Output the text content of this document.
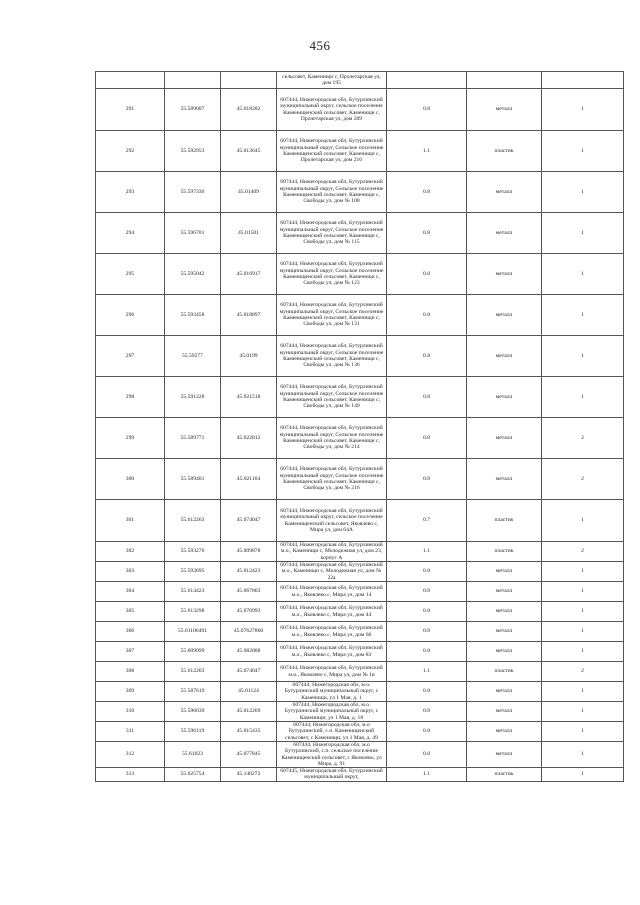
456
			сельсовет, Каменищи с, Пролетарская ул, дом 195			
291	55.589007	45.018282	607444, Нижегородская обл, Бутурлинский муниципальный округ, сельское поселение Каменищенский сельсовет, Каменищи с, Пролетарская ул, дом 209	0.8	металл	1
292	55.592953	45.013645	607444, Нижегородская обл, Бутурлинский муниципальный округ, Сельское поселение Каменищенский сельсовет, Каменищи с, Пролетарская ул, дом 216	1.1	пластик	1
293	55.597336	45.01409	607444, Нижегородская обл, Бутурлинский муниципальный округ, Сельское поселение Каменищенский сельсовет, Каменищи с, Свободы ул, дом № 108	0.8	металл	1
294	55.596701	45.01501	607444, Нижегородская обл, Бутурлинский муниципальный округ, Сельское поселение Каменищенский сельсовет, Каменищи с, Свободы ул, дом № 115	0.8	металл	1
295	55.595042	45.016917	607444, Нижегородская обл, Бутурлинский муниципальный округ, Сельское поселение Каменищенский сельсовет, Каменищи с, Свободы ул, дом № 123	0.8	металл	1
296	55.593458	45.018897	607444, Нижегородская обл, Бутурлинский муниципальный округ, Сельское поселение Каменищенский сельсовет, Каменищи с, Свободы ул, дом № 131	0.8	металл	1
297	55.59277	45.0199	607444, Нижегородская обл, Бутурлинский муниципальный округ, Сельское поселение Каменищенский сельсовет, Каменищи с, Свободы ул, дом № 136	0.8	металл	1
298	55.591228	45.021518	607444, Нижегородская обл, Бутурлинский муниципальный округ, Сельское поселение Каменищенский сельсовет, Каменищи с, Свободы ул, дом № 149	0.8	металл	1
299	55.589771	45.022812	607444, Нижегородская обл, Бутурлинский муниципальный округ, Сельское поселение Каменищенский сельсовет, Каменищи с, Свободы ул, дом № 214	0.8	металл	2
300	55.589401	45.021164	607444, Нижегородская обл, Бутурлинский муниципальный округ, Сельское поселение Каменищенский сельсовет, Каменищи с, Свободы ул, дом № 216	0.8	металл	2
301	55.612263	45.074047	607444, Нижегородская обл, Бутурлинский муниципальный округ, сельское поселение Каменищенский сельсовет, Яковлево с, Мира ул, дом 64А	0.7	пластик	1
302	55.593276	45.009878	607444, Нижегородская обл, Бутурлинский м.о., Каменищи с, Молодежная ул, дом 23, корпус А	1.1	пластик	2
303	55.593695	45.012423	607444, Нижегородская обл, Бутурлинский м.о., Каменищи с, Молодежная ул, дом № 22а	0.8	металл	1
304	55.614423	45.067863	607444, Нижегородская обл, Бутурлинский м.о., Яковлево с, Мира ул, дом 14	0.8	металл	1
305	55.613298	45.070993	607444, Нижегородская обл, Бутурлинский м.о., Яковлево с, Мира ул, дом 44	0.8	металл	1
306	55.61106491	45.07627860	607444, Нижегородская обл, Бутурлинский м.о., Яковлево с, Мира ул, дом 66	0.8	металл	1
307	55.609099	45.082008	607444, Нижегородская обл, Бутурлинский м.о., Яковлево с, Мира ул, дом 83	0.8	металл	1
308	55.612263	45.074047	607444, Нижегородская обл, Бутурлинский м.о., Яковлево с, Мира ул, дом № 1в	1.1	пластик	2
309	55.587619	45.01124	607444, Нижегородская обл, м.о. Бутурлинский муниципальный округ, с Каменищи, ул 1 Мая, д. 1	0.8	металл	1
310	55.596639	45.012269	607444, Нижегородская обл, м.о. Бутурлинский муниципальный округ, с Каменищи, ул 1 Мая, д. 18	0.8	металл	1
311	55.596119	45.015435	607444, Нижегородская обл, м.о Бутурлинский, с.п. Каменищенский сельсовет, с Каменищи, ул 1 Мая, д. 49	0.8	металл	1
312	55.61023	45.077845	607444, Нижегородская обл, м.о Бутурлинский, с.п. сельское поселение Каменищенский сельсовет, с Яковлево, ул Мира, д. 91	0.8	металл	1
313	55.625754	45.140272	607445, Нижегородская обл, Бутурлинский муниципальный округ,	1.1	пластик	1
